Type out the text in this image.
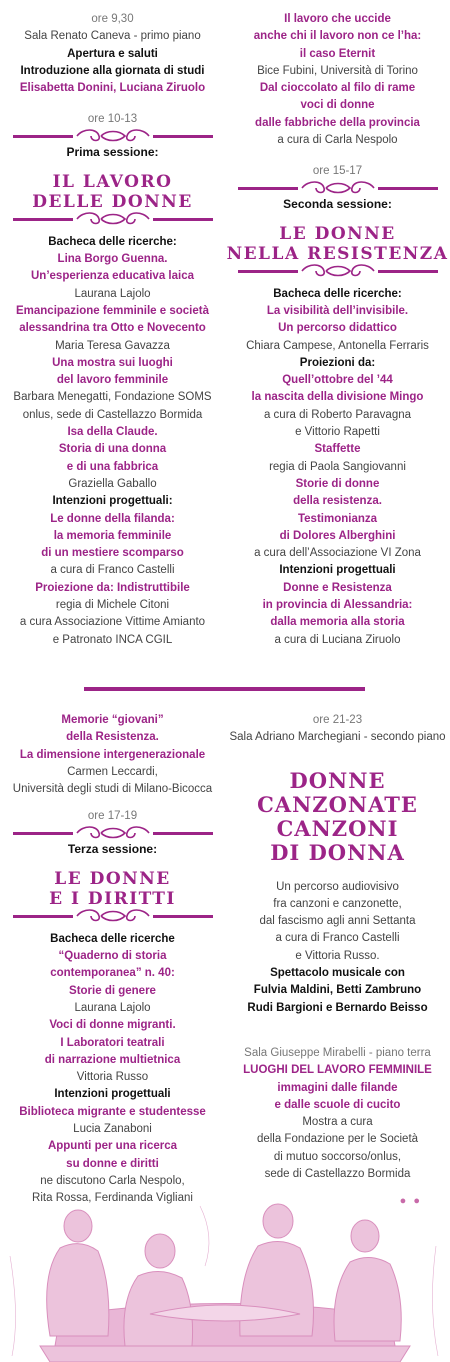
ore 9,30

Sala Renato Caneva - primo piano

Apertura e saluti

Introduzione alla giornata di studi

Elisabetta Donini, Luciana Ziruolo

ore 10-13

Prima sessione:

IL LAVORO

DELLE DONNE

Bacheca delle ricerche:

Lina Borgo Guenna.

Un’esperienza educativa laica

Laurana Lajolo

Emancipazione femminile e società

alessandrina tra Otto e Novecento

Maria Teresa Gavazza

Una mostra sui luoghi

del lavoro femminile

Barbara Menegatti, Fondazione SOMS

onlus, sede di Castellazzo Bormida

Isa della Claude.

Storia di una donna

e di una fabbrica

Graziella Gaballo

Intenzioni progettuali:

Le donne della filanda:

la memoria femminile

di un mestiere scomparso

a cura di Franco Castelli

Proiezione da: Indistruttibile

regia di Michele Citoni

a cura Associazione Vittime Amianto

e Patronato INCA CGIL

Il lavoro che uccide

anche chi il lavoro non ce l’ha:

il caso Eternit

Bice Fubini, Università di Torino

Dal cioccolato al filo di rame

voci di donne

dalle fabbriche della provincia

a cura di Carla Nespolo

ore 15-17

Seconda sessione:

LE DONNE

NELLA RESISTENZA

Bacheca delle ricerche:

La visibilità dell’invisibile.

Un percorso didattico

Chiara Campese, Antonella Ferraris

Proiezioni da:

Quell’ottobre del ’44

la nascita della divisione Mingo

a cura di Roberto Paravagna

e Vittorio Rapetti

Staffette

regia di Paola Sangiovanni

Storie di donne

della resistenza.

Testimonianza

di Dolores Alberghini

a cura dell’Associazione VI Zona

Intenzioni progettuali

Donne e Resistenza

in provincia di Alessandria:

dalla memoria alla storia

a cura di Luciana Ziruolo

Memorie “giovani”

della Resistenza.

La dimensione intergenerazionale

Carmen Leccardi,

Università degli studi di Milano-Bicocca

ore 17-19

Terza sessione:

LE DONNE

E I DIRITTI

Bacheca delle ricerche

“Quaderno di storia

contemporanea” n. 40:

Storie di genere

Laurana Lajolo

Voci di donne migranti.

I Laboratori teatrali

di narrazione multietnica

Vittoria Russo

Intenzioni progettuali

Biblioteca migrante e studentesse

Lucia Zanaboni

Appunti per una ricerca

su donne e diritti

ne discutono Carla Nespolo,

Rita Rossa, Ferdinanda Vigliani

ore 21-23

Sala Adriano Marchegiani - secondo piano

DONNE

CANZONATE

CANZONI

DI DONNA

Un percorso audiovisivo

fra canzoni e canzonette,

dal fascismo agli anni Settanta

a cura di Franco Castelli

e Vittoria Russo.

Spettacolo musicale con

Fulvia Maldini, Betti Zambruno

Rudi Bargioni e Bernardo Beisso

Sala Giuseppe Mirabelli - piano terra

LUOGHI DEL LAVORO FEMMINILE

immagini dalle filande

e dalle scuole di cucito

Mostra a cura

della Fondazione per le Società

di mutuo soccorso/onlus,

sede di Castellazzo Bormida

● ●
